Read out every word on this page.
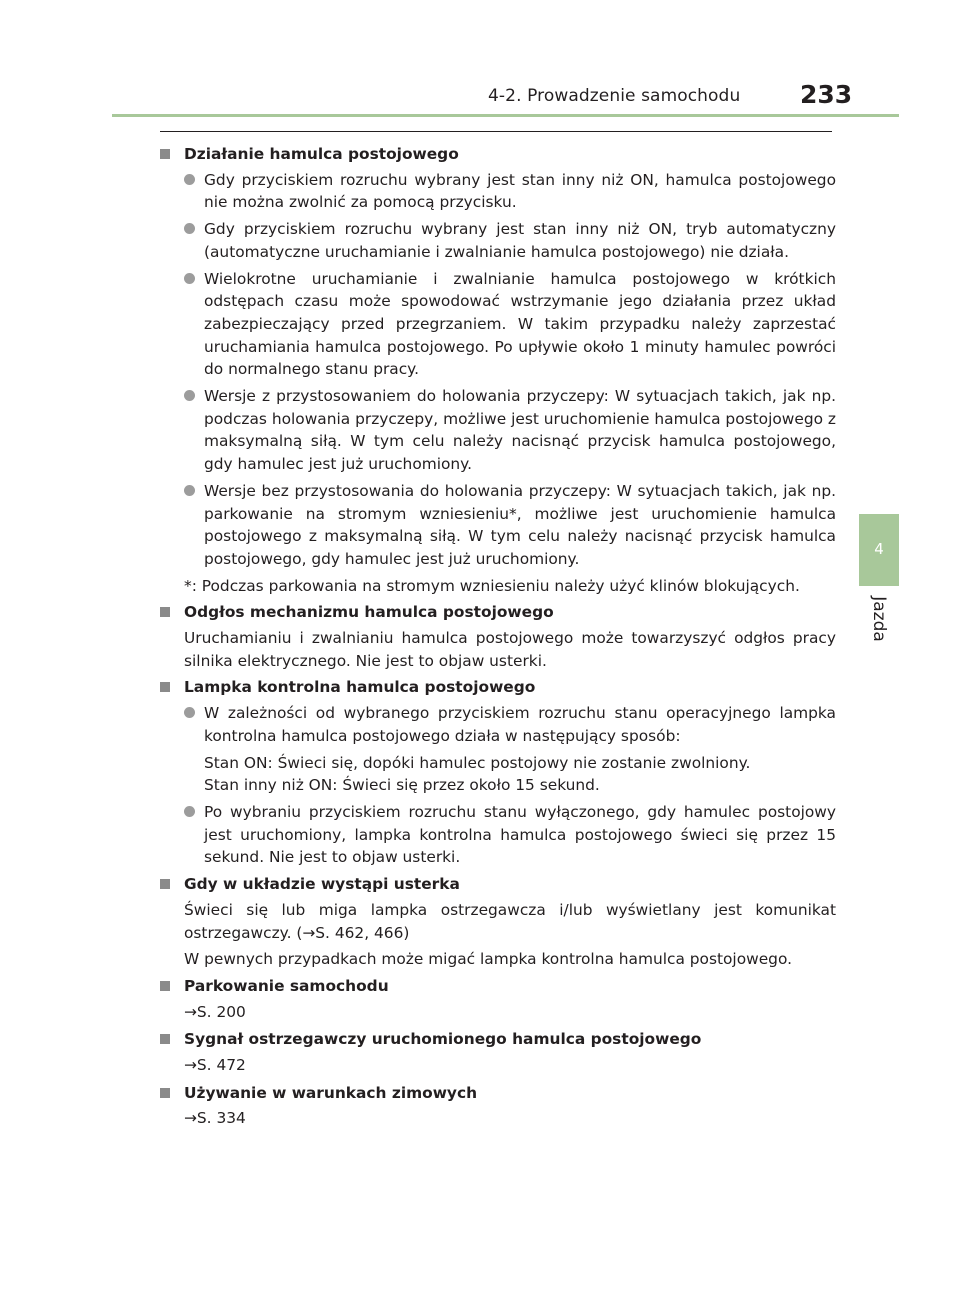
4-2. Prowadzenie samochodu 233
4
Jazda
Działanie hamulca postojowego
Gdy przyciskiem rozruchu wybrany jest stan inny niż ON, hamulca postojowego nie można zwolnić za pomocą przycisku.
Gdy przyciskiem rozruchu wybrany jest stan inny niż ON, tryb automatyczny (automatyczne uruchamianie i zwalnianie hamulca postojowego) nie działa.
Wielokrotne uruchamianie i zwalnianie hamulca postojowego w krótkich odstępach czasu może spowodować wstrzymanie jego działania przez układ zabezpieczający przed przegrzaniem. W takim przypadku należy zaprzestać uruchamiania hamulca postojowego. Po upływie około 1 minuty hamulec powróci do normalnego stanu pracy.
Wersje z przystosowaniem do holowania przyczepy: W sytuacjach takich, jak np. podczas holowania przyczepy, możliwe jest uruchomienie hamulca postojowego z maksymalną siłą. W tym celu należy nacisnąć przycisk hamulca postojowego, gdy hamulec jest już uruchomiony.
Wersje bez przystosowania do holowania przyczepy: W sytuacjach takich, jak np. parkowanie na stromym wzniesieniu*, możliwe jest uruchomienie hamulca postojowego z maksymalną siłą. W tym celu należy nacisnąć przycisk hamulca postojowego, gdy hamulec jest już uruchomiony.
*: Podczas parkowania na stromym wzniesieniu należy użyć klinów blokujących.
Odgłos mechanizmu hamulca postojowego
Uruchamianiu i zwalnianiu hamulca postojowego może towarzyszyć odgłos pracy silnika elektrycznego. Nie jest to objaw usterki.
Lampka kontrolna hamulca postojowego
W zależności od wybranego przyciskiem rozruchu stanu operacyjnego lampka kontrolna hamulca postojowego działa w następujący sposób:
Stan ON: Świeci się, dopóki hamulec postojowy nie zostanie zwolniony.
Stan inny niż ON: Świeci się przez około 15 sekund.
Po wybraniu przyciskiem rozruchu stanu wyłączonego, gdy hamulec postojowy jest uruchomiony, lampka kontrolna hamulca postojowego świeci się przez 15 sekund. Nie jest to objaw usterki.
Gdy w układzie wystąpi usterka
Świeci się lub miga lampka ostrzegawcza i/lub wyświetlany jest komunikat ostrzegawczy. (→S. 462, 466)
W pewnych przypadkach może migać lampka kontrolna hamulca postojowego.
Parkowanie samochodu
→S. 200
Sygnał ostrzegawczy uruchomionego hamulca postojowego
→S. 472
Używanie w warunkach zimowych
→S. 334
